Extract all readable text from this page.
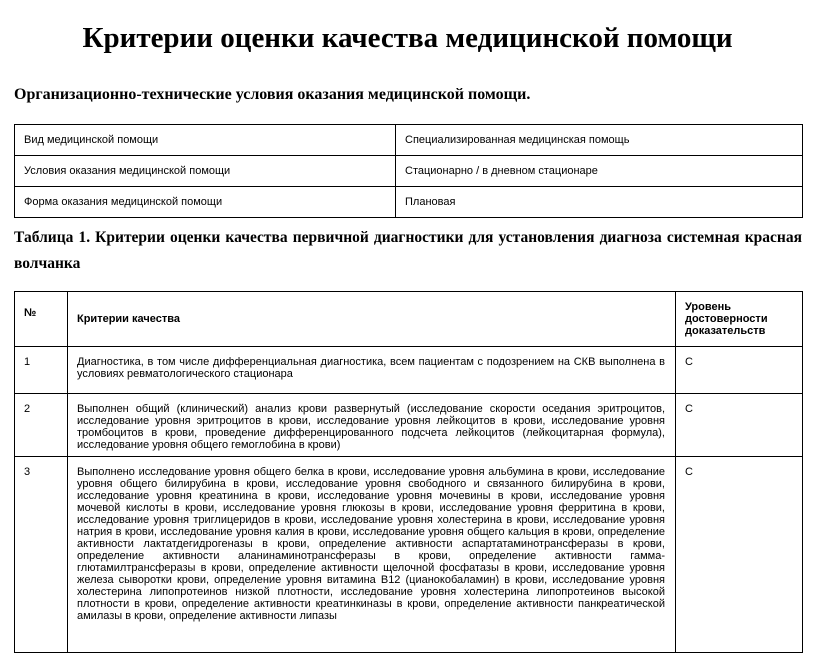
Критерии оценки качества медицинской помощи
Организационно-технические условия оказания медицинской помощи.
Вид медицинской помощи	Специализированная медицинская помощь
Условия оказания медицинской помощи	Стационарно / в дневном стационаре
Форма оказания медицинской помощи	Плановая

Таблица 1. Критерии оценки качества первичной диагностики для установления диагноза системная красная волчанка

№	Критерии качества	Уровень достоверности доказательств
1	Диагностика, в том числе дифференциальная диагностика, всем пациентам с подозрением на СКВ выполнена в условиях ревматологического стационара	С
2	Выполнен общий (клинический) анализ крови развернутый (исследование скорости оседания эритроцитов, исследование уровня эритроцитов в крови, исследование уровня лейкоцитов в крови, исследование уровня тромбоцитов в крови, проведение дифференцированного подсчета лейкоцитов (лейкоцитарная формула), исследование уровня общего гемоглобина в крови)	С
3	Выполнено исследование уровня общего белка в крови, исследование уровня альбумина в крови, исследование уровня общего билирубина в крови, исследование уровня свободного и связанного билирубина в крови, исследование уровня креатинина в крови, исследование уровня мочевины в крови, исследование уровня мочевой кислоты в крови, исследование уровня глюкозы в крови, исследование уровня ферритина в крови, исследование уровня триглицеридов в крови, исследование уровня холестерина в крови, исследование уровня натрия в крови, исследование уровня калия в крови, исследование уровня общего кальция в крови, определение активности лактатдегидрогеназы в крови, определение активности аспартатаминотрансферазы в крови, определение активности аланинаминотрансферазы в крови, определение активности гамма-глютамилтрансферазы в крови, определение активности щелочной фосфатазы в крови, исследование уровня железа сыворотки крови, определение уровня витамина В12 (цианокобаламин) в крови, исследование уровня холестерина липопротеинов низкой плотности, исследование уровня холестерина липопротеинов высокой плотности в крови, определение активности креатинкиназы в крови, определение активности панкреатической амилазы в крови, определение активности липазы	С
